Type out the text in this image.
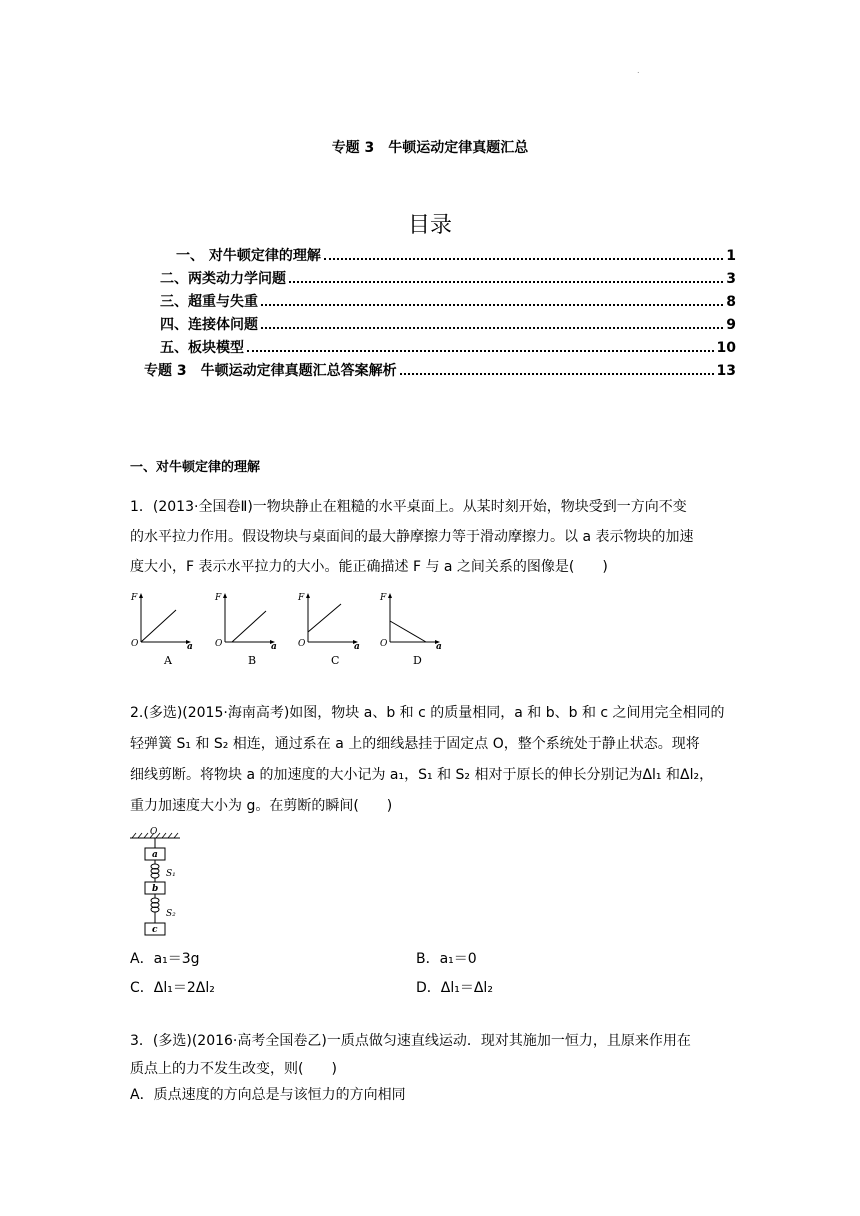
.
专题 3　牛顿运动定律真题汇总
目录
一、 对牛顿定律的理解	1
二、两类动力学问题	3
三、超重与失重	8
四、连接体问题	9
五、板块模型	10
专题 3　牛顿运动定律真题汇总答案解析	13
一、对牛顿定律的理解
1．(2013·全国卷Ⅱ)一物块静止在粗糙的水平桌面上。从某时刻开始，物块受到一方向不变
的水平拉力作用。假设物块与桌面间的最大静摩擦力等于滑动摩擦力。以 a 表示物块的加速
度大小，F 表示水平拉力的大小。能正确描述 F 与 a 之间关系的图像是(　　)
F
O	a
A
F
O	a
B
F
O	a
C
F
O	a
D
2.(多选)(2015·海南高考)如图，物块 a、b 和 c 的质量相同，a 和 b、b 和 c 之间用完全相同的
轻弹簧 S₁ 和 S₂ 相连，通过系在 a 上的细线悬挂于固定点 O，整个系统处于静止状态。现将
细线剪断。将物块 a 的加速度的大小记为 a₁，S₁ 和 S₂ 相对于原长的伸长分别记为Δl₁ 和Δl₂，
重力加速度大小为 g。在剪断的瞬间(　　)
O
a
S₁
b
S₂
c
A．a₁＝3g	B．a₁＝0
C．Δl₁＝2Δl₂	D．Δl₁＝Δl₂
3．(多选)(2016·高考全国卷乙)一质点做匀速直线运动．现对其施加一恒力，且原来作用在
质点上的力不发生改变，则(　　)
A．质点速度的方向总是与该恒力的方向相同
